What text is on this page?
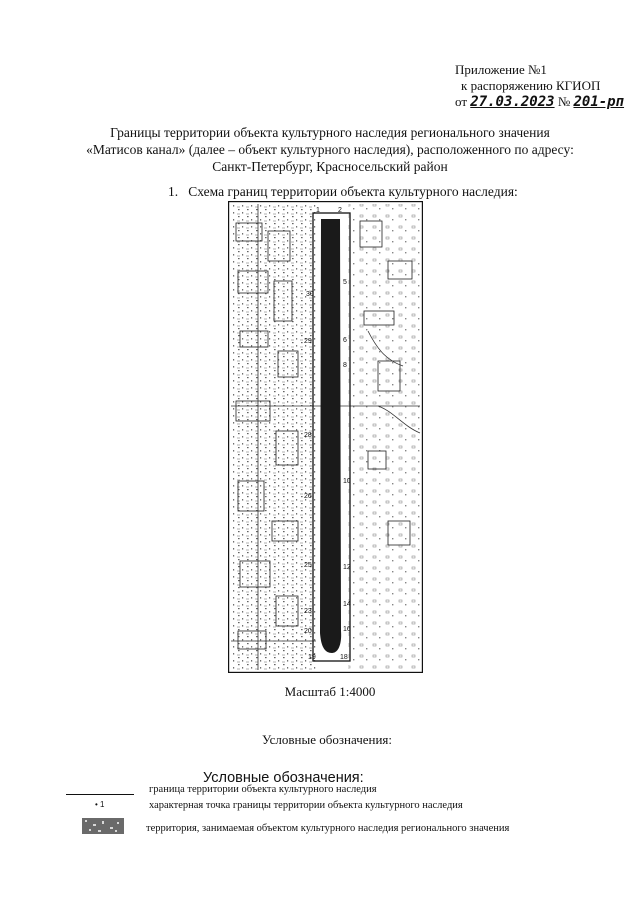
Приложение №1
к распоряжению КГИОП
от 27.03.2023 № 201-рп
Границы территории объекта культурного наследия регионального значения
«Матисов канал» (далее – объект культурного наследия), расположенного по адресу:
Санкт-Петербург, Красносельский район
1. Схема границ территории объекта культурного наследия:
1	2
5
6
8
10
12
14
16
18
19
20
23
25
26
28
29
30
Масштаб 1:4000
Условные обозначения:
Условные обозначения:
• 1
граница территории объекта культурного наследия
характерная точка границы территории объекта культурного наследия
территория, занимаемая объектом культурного наследия регионального значения
